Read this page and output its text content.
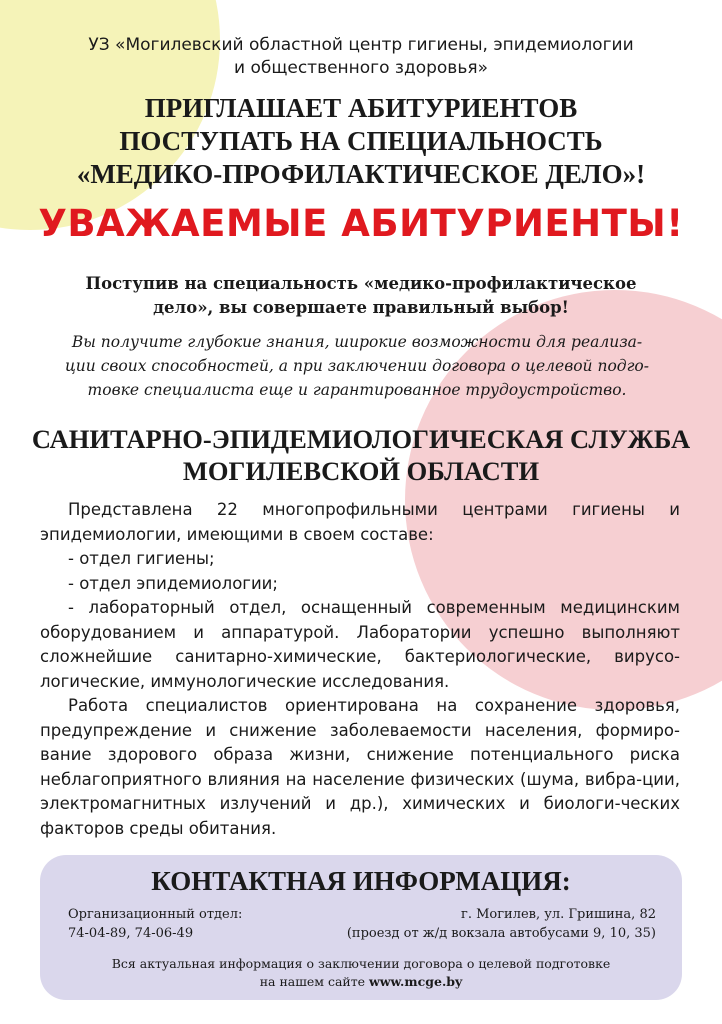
УЗ «Могилевский областной центр гигиены, эпидемиологии
и общественного здоровья»
ПРИГЛАШАЕТ АБИТУРИЕНТОВ
ПОСТУПАТЬ НА СПЕЦИАЛЬНОСТЬ
«МЕДИКО-ПРОФИЛАКТИЧЕСКОЕ ДЕЛО»!
УВАЖАЕМЫЕ АБИТУРИЕНТЫ!
Поступив на специальность «медико-профилактическое
дело», вы совершаете правильный выбор!
Вы получите глубокие знания, широкие возможности для реализа-
ции своих способностей, а при заключении договора о целевой подго-
товке специалиста еще и гарантированное трудоустройство.
САНИТАРНО-ЭПИДЕМИОЛОГИЧЕСКАЯ СЛУЖБА
МОГИЛЕВСКОЙ ОБЛАСТИ

Представлена 22 многопрофильными центрами гигиены и эпидемиологии, имеющими в своем составе:

- отдел гигиены;

- отдел эпидемиологии;

- лабораторный отдел, оснащенный современным медицинским оборудованием и аппаратурой. Лаборатории успешно выполняют сложнейшие санитарно-химические, бактериологические, вирусо-логические, иммунологические исследования.

Работа специалистов ориентирована на сохранение здоровья, предупреждение и снижение заболеваемости населения, формиро-вание здорового образа жизни, снижение потенциального риска неблагоприятного влияния на население физических (шума, вибра-ции, электромагнитных излучений и др.), химических и биологи-ческих факторов среды обитания.

КОНТАКТНАЯ ИНФОРМАЦИЯ:
Организационный отдел:
74-04-89, 74-06-49
г. Могилев, ул. Гришина, 82
(проезд от ж/д вокзала автобусами 9, 10, 35)
Вся актуальная информация о заключении договора о целевой подготовке
на нашем сайте www.mcge.by
